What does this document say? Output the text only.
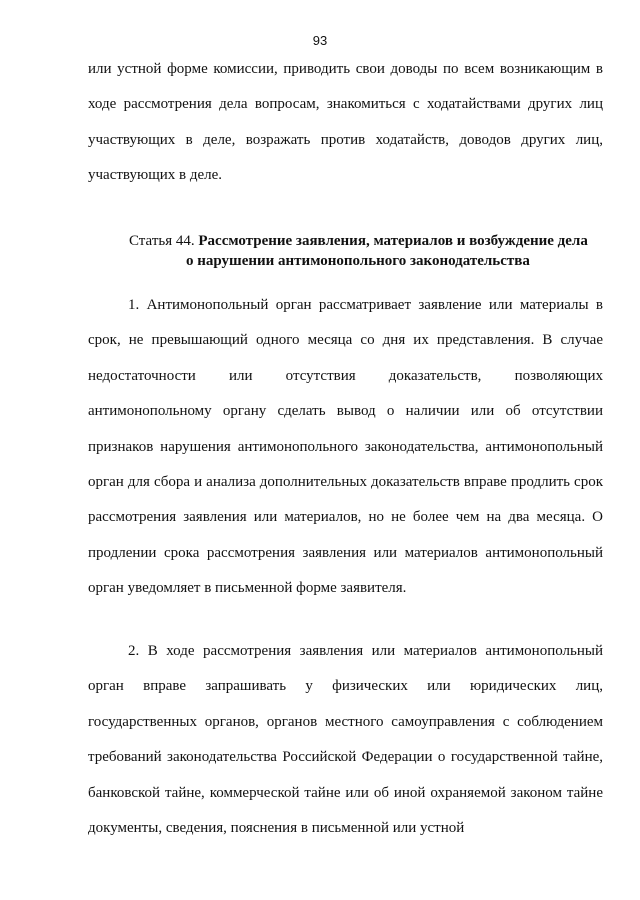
93

или устной форме комиссии, приводить свои доводы по всем возникающим в ходе рассмотрения дела вопросам, знакомиться с ходатайствами других лиц участвующих в деле, возражать против ходатайств, доводов других лиц, участвующих в деле.

Статья 44. Рассмотрение заявления, материалов и возбуждение дела
о нарушении антимонопольного законодательства

1. Антимонопольный орган рассматривает заявление или материалы в срок, не превышающий одного месяца со дня их представления. В случае недостаточности или отсутствия доказательств, позволяющих антимонопольному органу сделать вывод о наличии или об отсутствии признаков нарушения антимонопольного законодательства, антимонопольный орган для сбора и анализа дополнительных доказательств вправе продлить срок рассмотрения заявления или материалов, но не более чем на два месяца. О продлении срока рассмотрения заявления или материалов антимонопольный орган уведомляет в письменной форме заявителя.

2. В ходе рассмотрения заявления или материалов антимонопольный орган вправе запрашивать у физических или юридических лиц, государственных органов, органов местного самоуправления с соблюдением требований законодательства Российской Федерации о государственной тайне, банковской тайне, коммерческой тайне или об иной охраняемой законом тайне документы, сведения, пояснения в письменной или устной
